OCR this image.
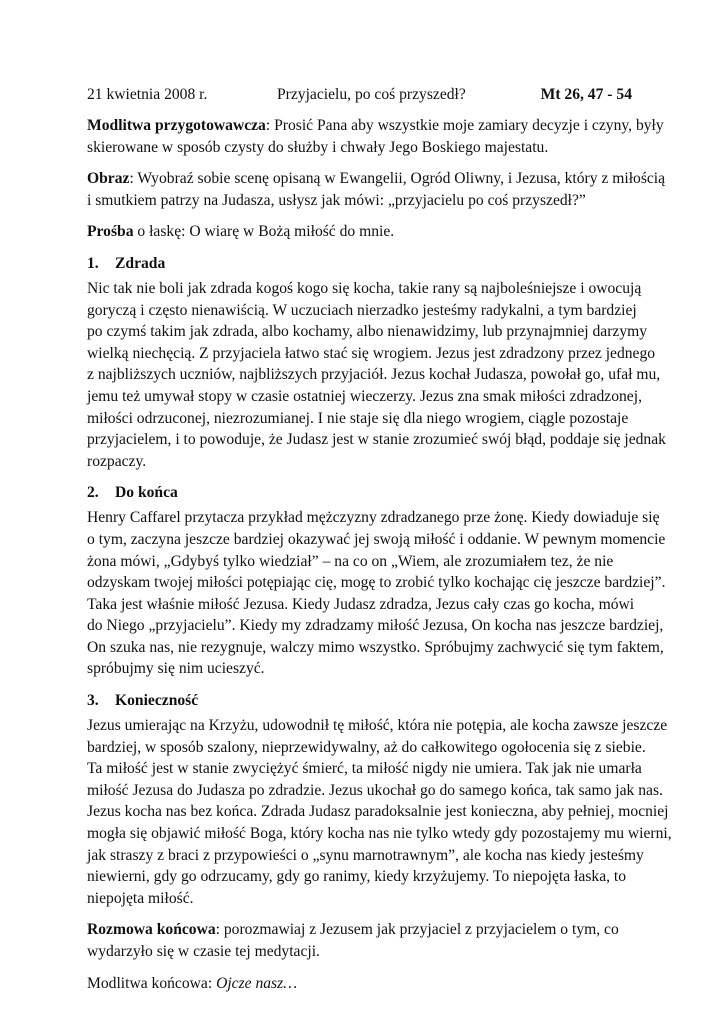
21 kwietnia 2008 r.	Przyjacielu, po coś przyszedł?	Mt 26, 47 - 54

Modlitwa przygotowawcza: Prosić Pana aby wszystkie moje zamiary decyzje i czyny, były
skierowane w sposób czysty do służby i chwały Jego Boskiego majestatu.

Obraz: Wyobraź sobie scenę opisaną w Ewangelii, Ogród Oliwny, i Jezusa, który z miłością
i smutkiem patrzy na Judasza, usłysz jak mówi: „przyjacielu po coś przyszedł?”

Prośba o łaskę: O wiarę w Bożą miłość do mnie.

1. Zdrada

Nic tak nie boli jak zdrada kogoś kogo się kocha, takie rany są najboleśniejsze i owocują
goryczą i często nienawiścią. W uczuciach nierzadko jesteśmy radykalni, a tym bardziej
po czymś takim jak zdrada, albo kochamy, albo nienawidzimy, lub przynajmniej darzymy
wielką niechęcią. Z przyjaciela łatwo stać się wrogiem. Jezus jest zdradzony przez jednego
z najbliższych uczniów, najbliższych przyjaciół. Jezus kochał Judasza, powołał go, ufał mu,
jemu też umywał stopy w czasie ostatniej wieczerzy. Jezus zna smak miłości zdradzonej,
miłości odrzuconej, niezrozumianej. I nie staje się dla niego wrogiem, ciągle pozostaje
przyjacielem, i to powoduje, że Judasz jest w stanie zrozumieć swój błąd, poddaje się jednak
rozpaczy.

2. Do końca

Henry Caffarel przytacza przykład mężczyzny zdradzanego prze żonę. Kiedy dowiaduje się
o tym, zaczyna jeszcze bardziej okazywać jej swoją miłość i oddanie. W pewnym momencie
żona mówi, „Gdybyś tylko wiedział” – na co on „Wiem, ale zrozumiałem tez, że nie
odzyskam twojej miłości potępiając cię, mogę to zrobić tylko kochając cię jeszcze bardziej”.
Taka jest właśnie miłość Jezusa. Kiedy Judasz zdradza, Jezus cały czas go kocha, mówi
do Niego „przyjacielu”. Kiedy my zdradzamy miłość Jezusa, On kocha nas jeszcze bardziej,
On szuka nas, nie rezygnuje, walczy mimo wszystko. Spróbujmy zachwycić się tym faktem,
spróbujmy się nim ucieszyć.

3. Konieczność

Jezus umierając na Krzyżu, udowodnił tę miłość, która nie potępia, ale kocha zawsze jeszcze
bardziej, w sposób szalony, nieprzewidywalny, aż do całkowitego ogołocenia się z siebie.
Ta miłość jest w stanie zwyciężyć śmierć, ta miłość nigdy nie umiera. Tak jak nie umarła
miłość Jezusa do Judasza po zdradzie. Jezus ukochał go do samego końca, tak samo jak nas.
Jezus kocha nas bez końca. Zdrada Judasz paradoksalnie jest konieczna, aby pełniej, mocniej
mogła się objawić miłość Boga, który kocha nas nie tylko wtedy gdy pozostajemy mu wierni,
jak straszy z braci z przypowieści o „synu marnotrawnym”, ale kocha nas kiedy jesteśmy
niewierni, gdy go odrzucamy, gdy go ranimy, kiedy krzyżujemy. To niepojęta łaska, to
niepojęta miłość.

Rozmowa końcowa: porozmawiaj z Jezusem jak przyjaciel z przyjacielem o tym, co
wydarzyło się w czasie tej medytacji.

Modlitwa końcowa: Ojcze nasz…
